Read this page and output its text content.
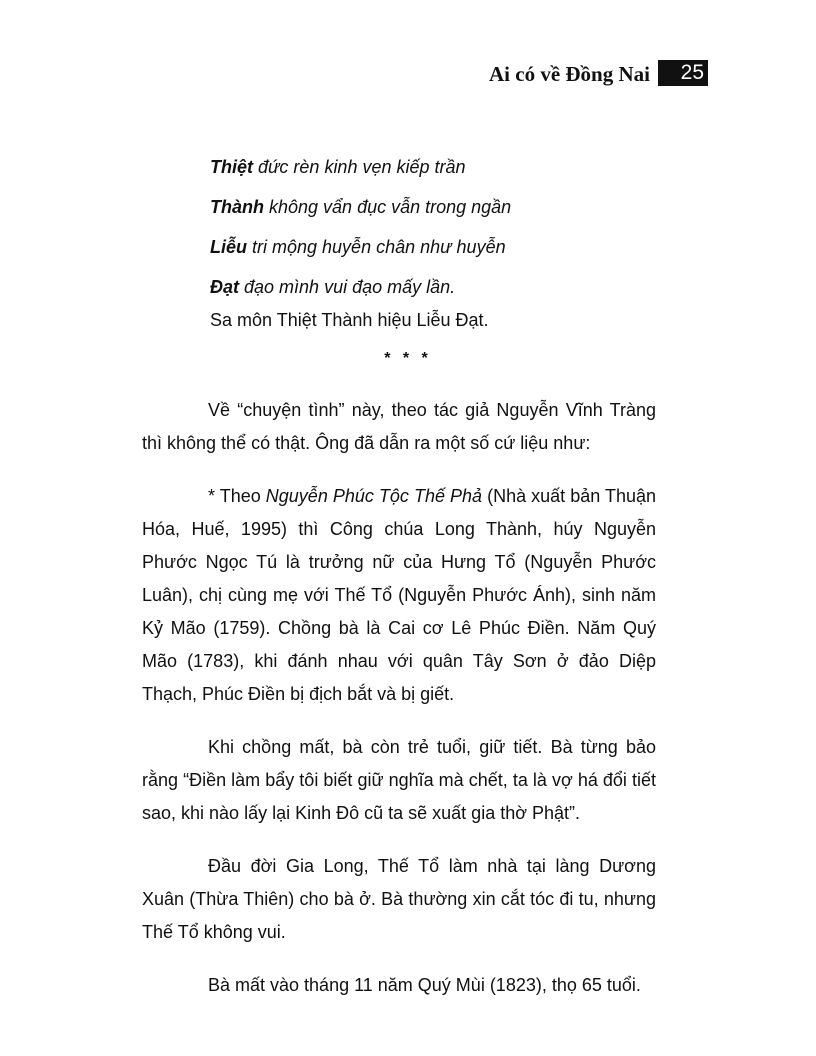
Ai có về Đồng Nai	25
Thiệt đức rèn kinh vẹn kiếp trần
Thành không vẩn đục vẫn trong ngần
Liễu tri mộng huyễn chân như huyễn
Đạt đạo mình vui đạo mấy lần.
Sa môn Thiệt Thành hiệu Liễu Đạt.
* * *

Về “chuyện tình” này, theo tác giả Nguyễn Vĩnh Tràng thì không thể có thật. Ông đã dẫn ra một số cứ liệu như:

* Theo Nguyễn Phúc Tộc Thế Phả (Nhà xuất bản Thuận Hóa, Huế, 1995) thì Công chúa Long Thành, húy Nguyễn Phước Ngọc Tú là trưởng nữ của Hưng Tổ (Nguyễn Phước Luân), chị cùng mẹ với Thế Tổ (Nguyễn Phước Ánh), sinh năm Kỷ Mão (1759). Chồng bà là Cai cơ Lê Phúc Điền. Năm Quý Mão (1783), khi đánh nhau với quân Tây Sơn ở đảo Diệp Thạch, Phúc Điền bị địch bắt và bị giết.

Khi chồng mất, bà còn trẻ tuổi, giữ tiết. Bà từng bảo rằng “Điền làm bẩy tôi biết giữ nghĩa mà chết, ta là vợ há đổi tiết sao, khi nào lấy lại Kinh Đô cũ ta sẽ xuất gia thờ Phật”.

Đầu đời Gia Long, Thế Tổ làm nhà tại làng Dương Xuân (Thừa Thiên) cho bà ở. Bà thường xin cắt tóc đi tu, nhưng Thế Tổ không vui.

Bà mất vào tháng 11 năm Quý Mùi (1823), thọ 65 tuổi.
